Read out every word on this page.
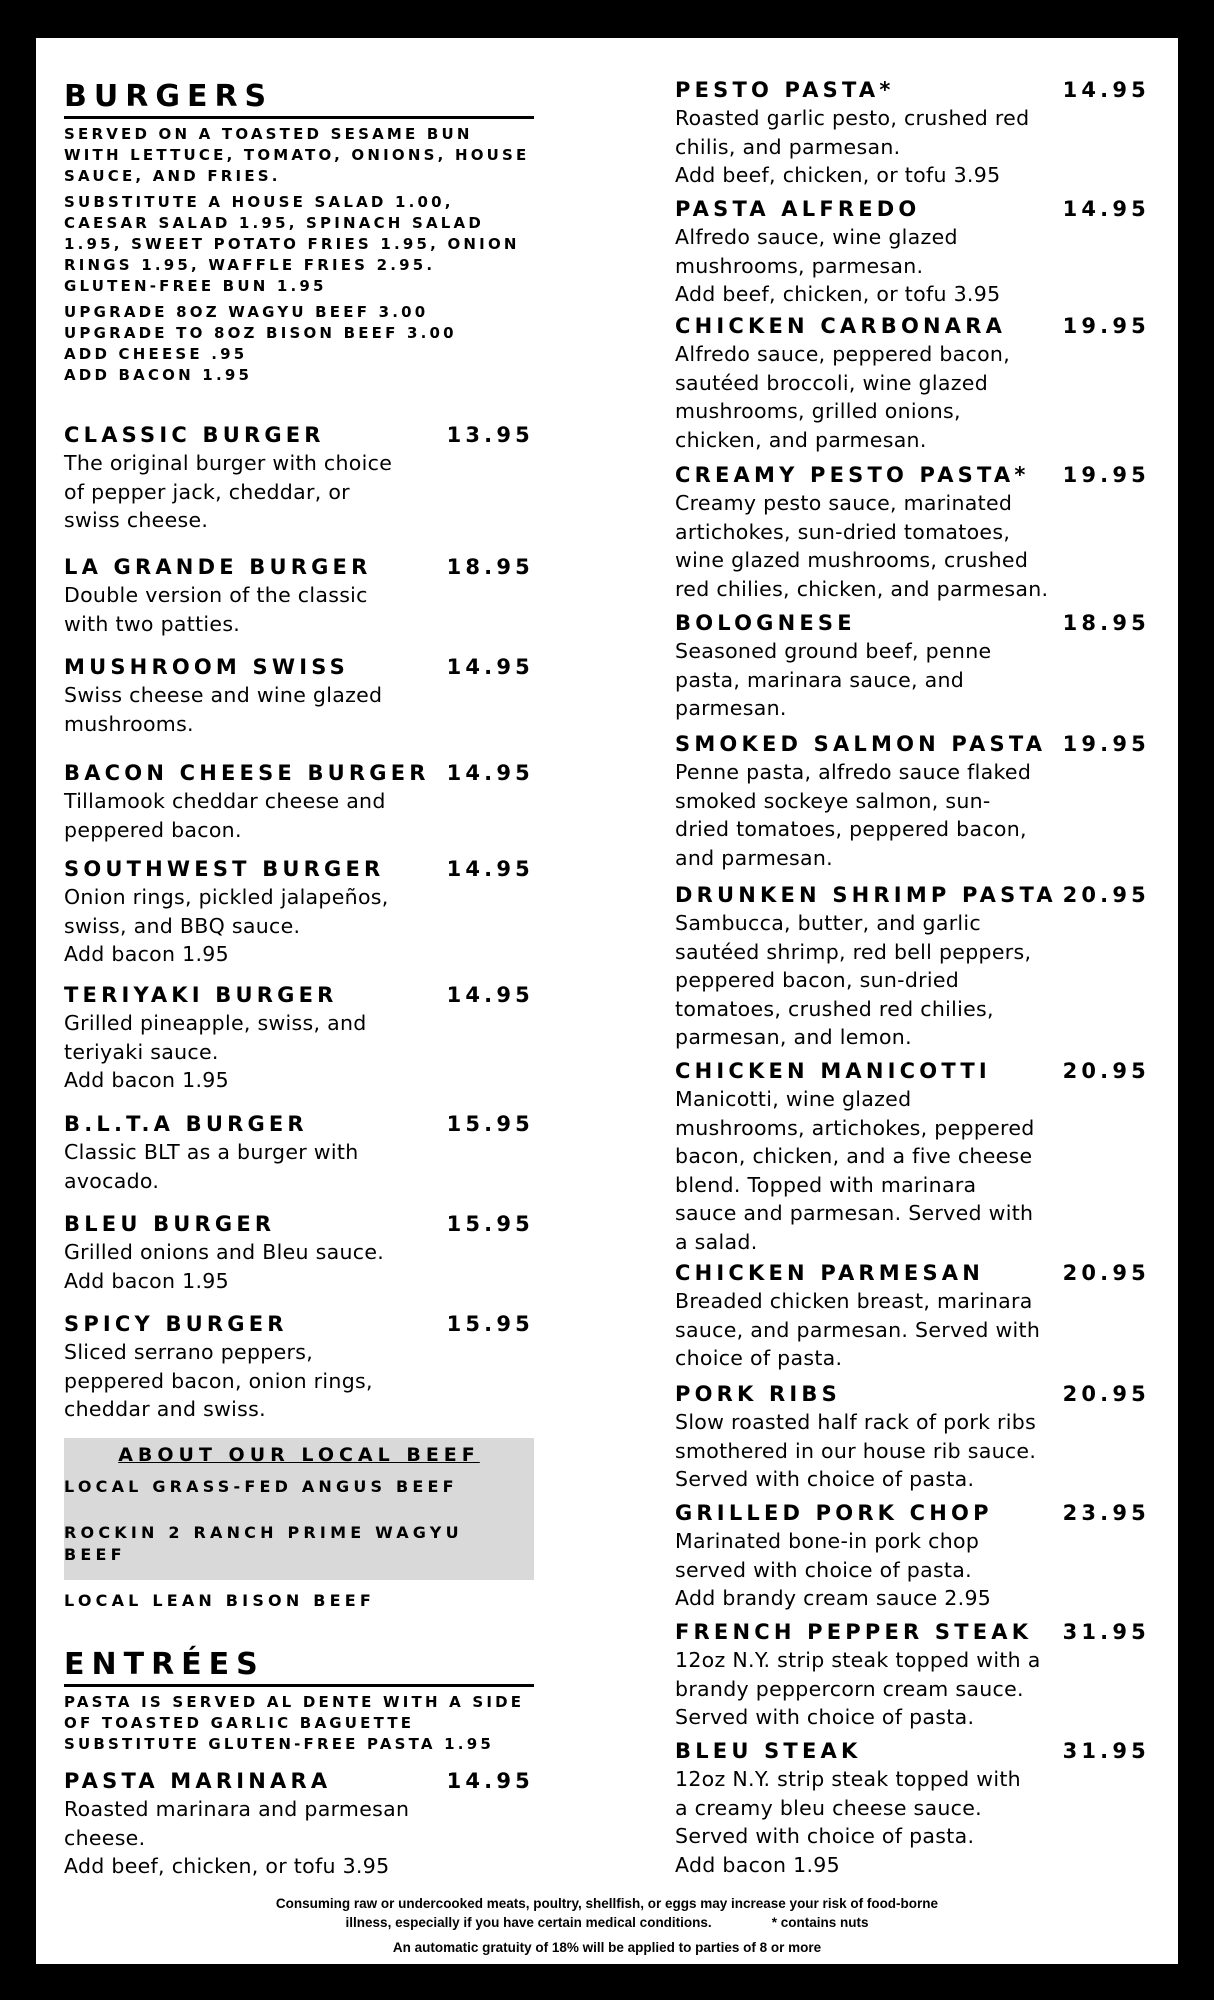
BURGERS

SERVED ON A TOASTED SESAME BUN WITH LETTUCE, TOMATO, ONIONS, HOUSE SAUCE, AND FRIES.

SUBSTITUTE A HOUSE SALAD 1.00, CAESAR SALAD 1.95, SPINACH SALAD 1.95, SWEET POTATO FRIES 1.95, ONION RINGS 1.95, WAFFLE FRIES 2.95.

GLUTEN-FREE BUN 1.95

UPGRADE 8OZ WAGYU BEEF 3.00

UPGRADE TO 8OZ BISON BEEF 3.00

ADD CHEESE .95

ADD BACON 1.95

CLASSIC BURGER	13.95

The original burger with choice
of pepper jack, cheddar, or
swiss cheese.

LA GRANDE BURGER	18.95

Double version of the classic
with two patties.

MUSHROOM SWISS	14.95

Swiss cheese and wine glazed
mushrooms.

BACON CHEESE BURGER 14.95

Tillamook cheddar cheese and
peppered bacon.

SOUTHWEST BURGER	14.95

Onion rings, pickled jalapeños,
swiss, and BBQ sauce.
Add bacon 1.95

TERIYAKI BURGER	14.95

Grilled pineapple, swiss, and
teriyaki sauce.
Add bacon 1.95

B.L.T.A BURGER	15.95

Classic BLT as a burger with
avocado.

BLEU BURGER	15.95

Grilled onions and Bleu sauce.
Add bacon 1.95

SPICY BURGER	15.95

Sliced serrano peppers,
peppered bacon, onion rings,
cheddar and swiss.

ABOUT OUR LOCAL BEEF

LOCAL GRASS-FED ANGUS BEEF

ROCKIN 2 RANCH PRIME WAGYU BEEF

LOCAL LEAN BISON BEEF

ENTRÉES

PASTA IS SERVED AL DENTE WITH A SIDE OF TOASTED GARLIC BAGUETTE

SUBSTITUTE GLUTEN-FREE PASTA 1.95

PASTA MARINARA	14.95

Roasted marinara and parmesan
cheese.
Add beef, chicken, or tofu 3.95

PESTO PASTA*	14.95

Roasted garlic pesto, crushed red
chilis, and parmesan.
Add beef, chicken, or tofu 3.95

PASTA ALFREDO	14.95

Alfredo sauce, wine glazed
mushrooms, parmesan.
Add beef, chicken, or tofu 3.95

CHICKEN CARBONARA	19.95

Alfredo sauce, peppered bacon,
sautéed broccoli, wine glazed
mushrooms, grilled onions,
chicken, and parmesan.

CREAMY PESTO PASTA* 19.95

Creamy pesto sauce, marinated
artichokes, sun-dried tomatoes,
wine glazed mushrooms, crushed
red chilies, chicken, and parmesan.

BOLOGNESE	18.95

Seasoned ground beef, penne
pasta, marinara sauce, and
parmesan.

SMOKED SALMON PASTA 19.95

Penne pasta, alfredo sauce flaked
smoked sockeye salmon, sun-
dried tomatoes, peppered bacon,
and parmesan.

DRUNKEN SHRIMP PASTA 20.95

Sambucca, butter, and garlic
sautéed shrimp, red bell peppers,
peppered bacon, sun-dried
tomatoes, crushed red chilies,
parmesan, and lemon.

CHICKEN MANICOTTI	20.95

Manicotti, wine glazed
mushrooms, artichokes, peppered
bacon, chicken, and a five cheese
blend. Topped with marinara
sauce and parmesan. Served with
a salad.

CHICKEN PARMESAN	20.95

Breaded chicken breast, marinara
sauce, and parmesan. Served with
choice of pasta.

PORK RIBS	20.95

Slow roasted half rack of pork ribs
smothered in our house rib sauce.
Served with choice of pasta.

GRILLED PORK CHOP	23.95

Marinated bone-in pork chop
served with choice of pasta.
Add brandy cream sauce 2.95

FRENCH PEPPER STEAK 31.95

12oz N.Y. strip steak topped with a
brandy peppercorn cream sauce.
Served with choice of pasta.

BLEU STEAK	31.95

12oz N.Y. strip steak topped with
a creamy bleu cheese sauce.
Served with choice of pasta.
Add bacon 1.95

Consuming raw or undercooked meats, poultry, shellfish, or eggs may increase your risk of food-borne
illness, especially if you have certain medical conditions.	* contains nuts
An automatic gratuity of 18% will be applied to parties of 8 or more
